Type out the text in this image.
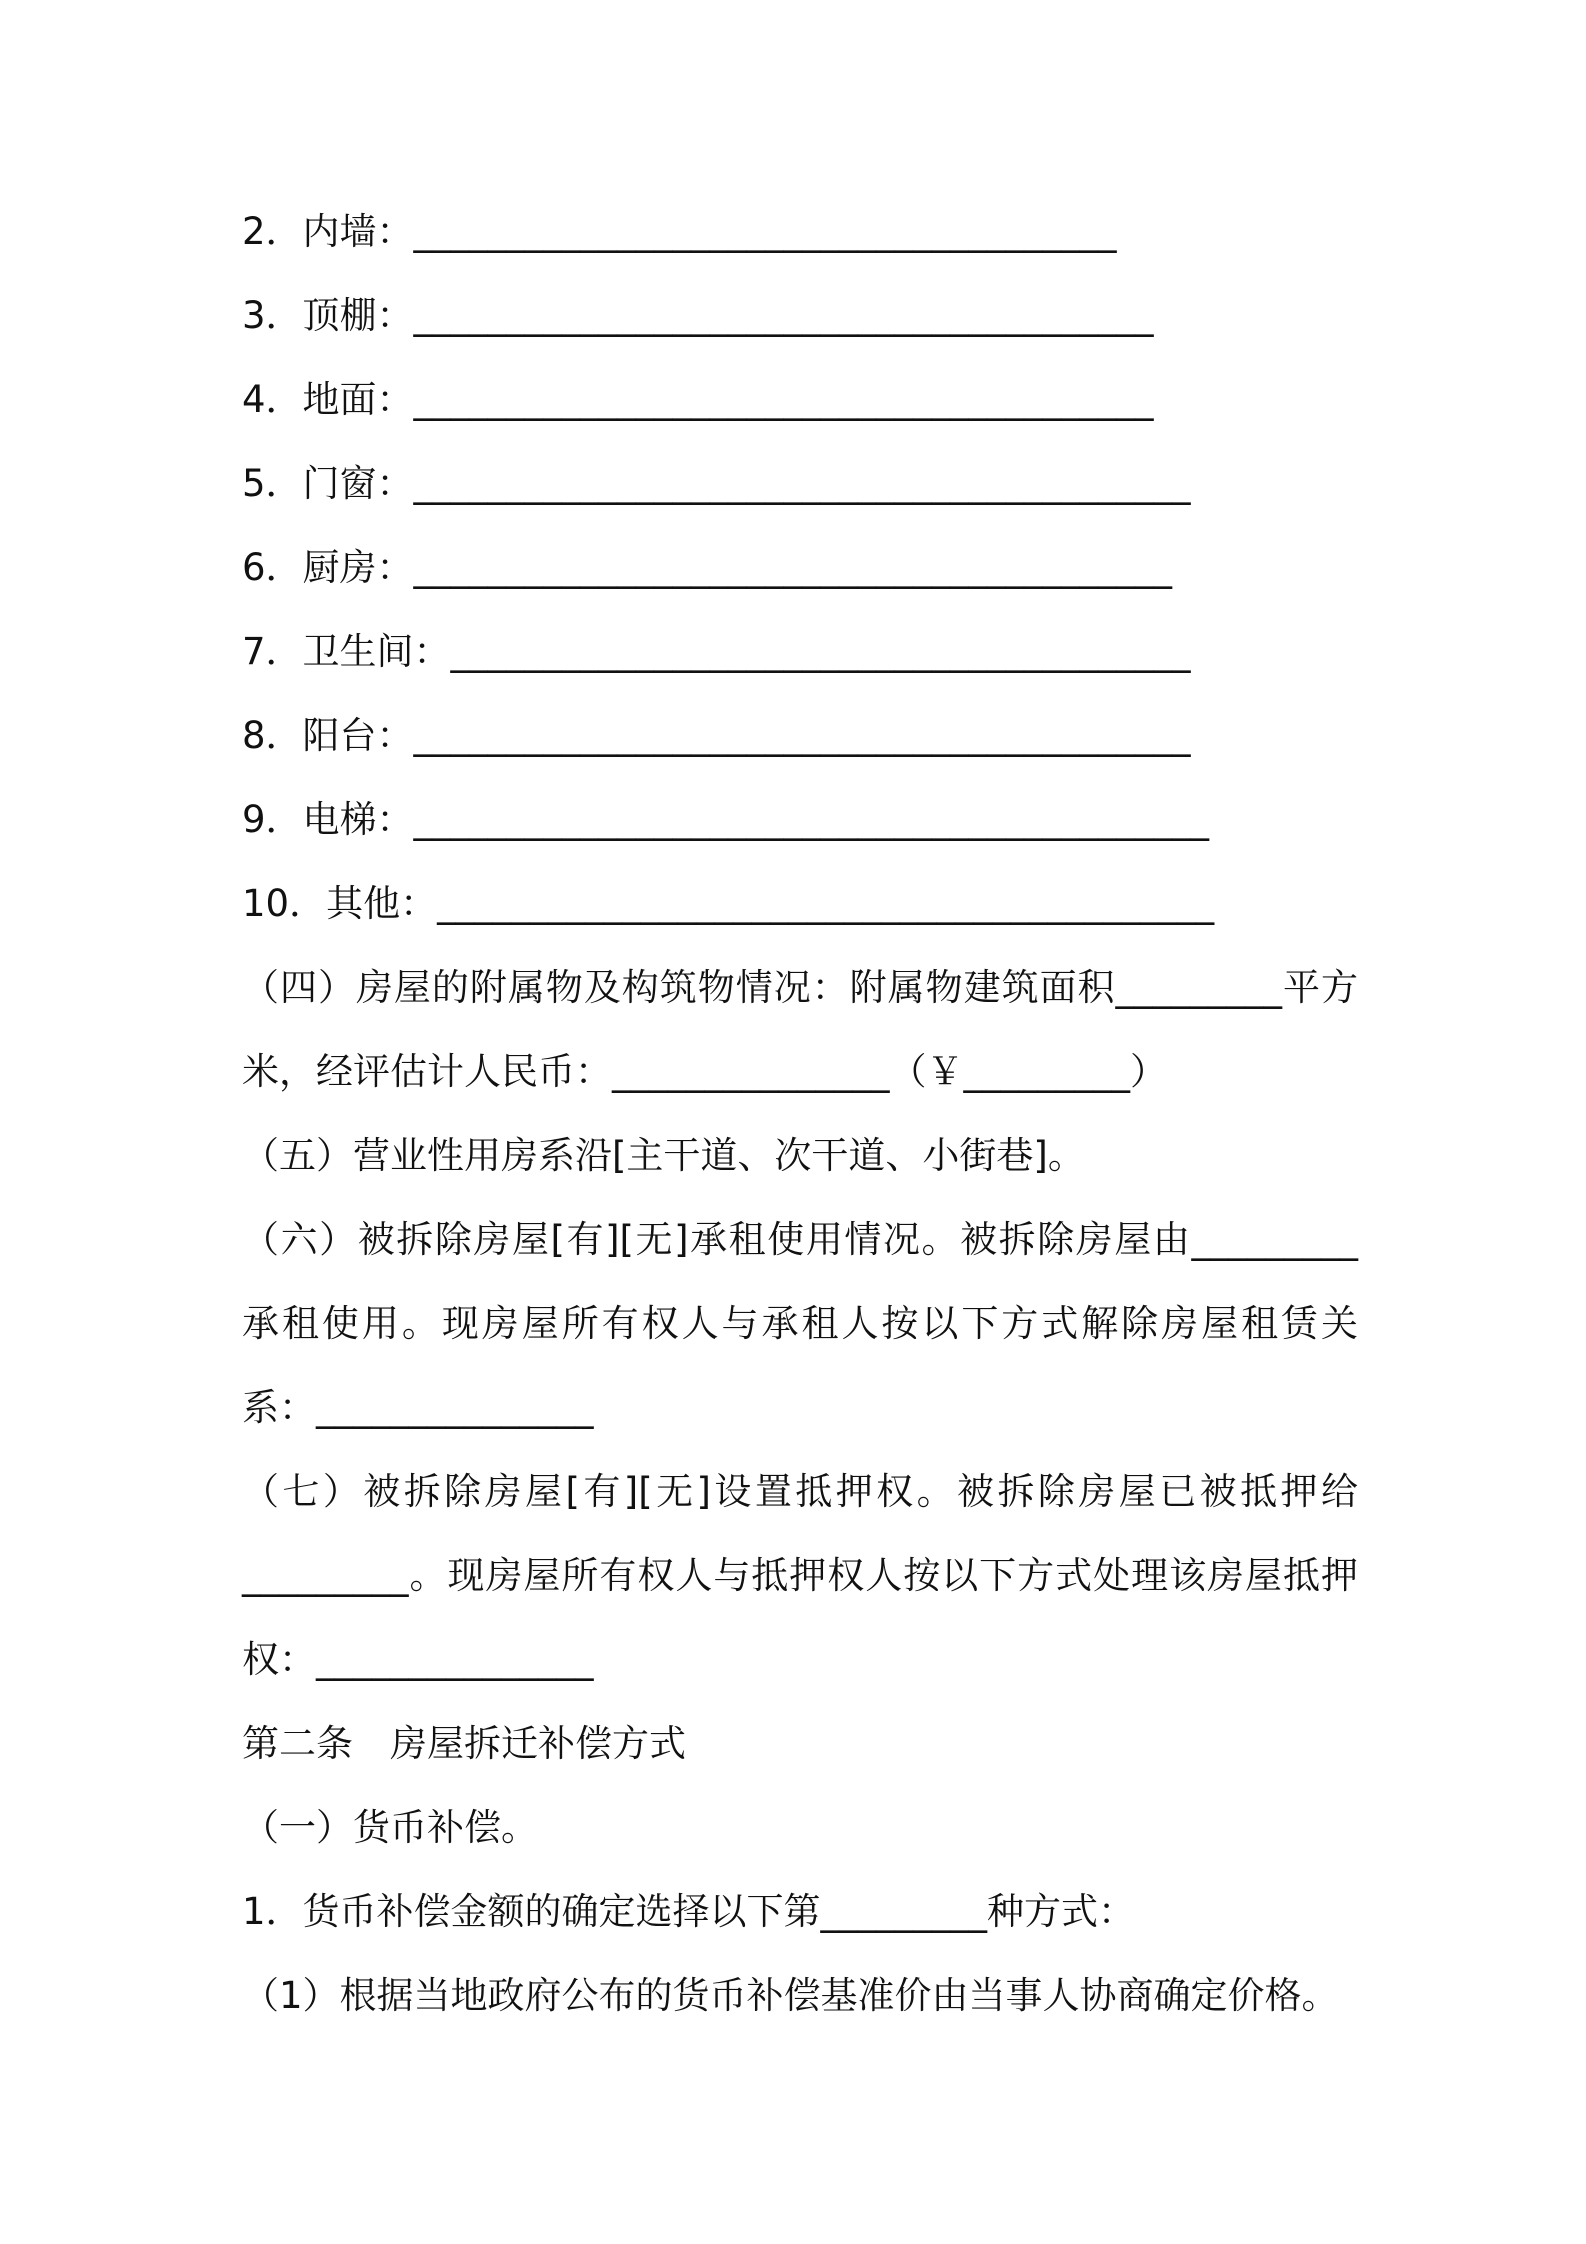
2．内墙：______________________________________
3．顶棚：________________________________________
4．地面：________________________________________
5．门窗：__________________________________________
6．厨房：_________________________________________
7．卫生间：________________________________________
8．阳台：__________________________________________
9．电梯：___________________________________________
10．其他：__________________________________________
（四）房屋的附属物及构筑物情况：附属物建筑面积_________平方
米，经评估计人民币：_______________（￥_________）
（五）营业性用房系沿[主干道、次干道、小街巷]。
（六）被拆除房屋[有][无]承租使用情况。被拆除房屋由_________
承租使用。现房屋所有权人与承租人按以下方式解除房屋租赁关
系：_______________
（七）被拆除房屋[有][无]设置抵押权。被拆除房屋已被抵押给
_________。现房屋所有权人与抵押权人按以下方式处理该房屋抵押
权：_______________
第二条　房屋拆迁补偿方式
（一）货币补偿。
1．货币补偿金额的确定选择以下第_________种方式：
（1）根据当地政府公布的货币补偿基准价由当事人协商确定价格。
